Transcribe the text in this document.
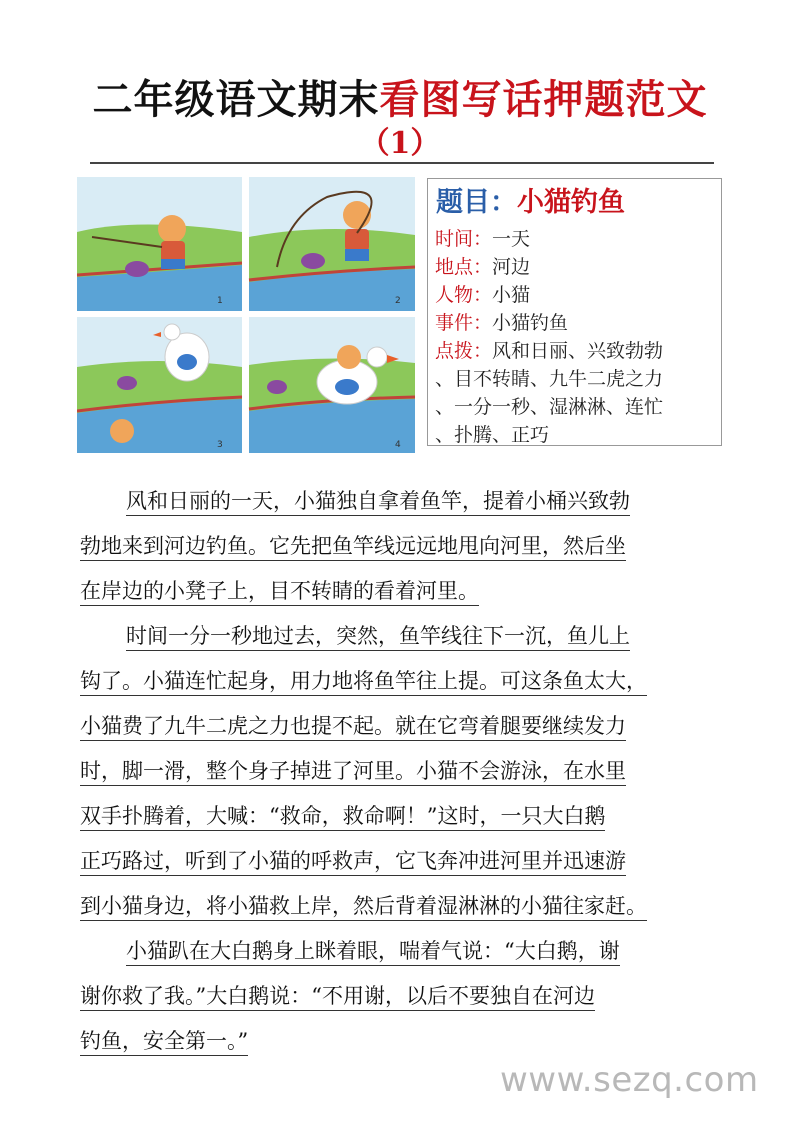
二年级语文期末看图写话押题范文
（1）
1	2
3	4
题目：小猫钓鱼
时间：一天
地点：河边
人物：小猫
事件：小猫钓鱼
点拨：风和日丽、兴致勃勃
、目不转睛、九牛二虎之力
、一分一秒、湿淋淋、连忙
、扑腾、正巧
风和日丽的一天，小猫独自拿着鱼竿，提着小桶兴致勃
勃地来到河边钓鱼。它先把鱼竿线远远地甩向河里，然后坐
在岸边的小凳子上，目不转睛的看着河里。
时间一分一秒地过去，突然，鱼竿线往下一沉，鱼儿上
钩了。小猫连忙起身，用力地将鱼竿往上提。可这条鱼太大，
小猫费了九牛二虎之力也提不起。就在它弯着腿要继续发力
时，脚一滑，整个身子掉进了河里。小猫不会游泳，在水里
双手扑腾着，大喊：“救命，救命啊！”这时，一只大白鹅
正巧路过，听到了小猫的呼救声，它飞奔冲进河里并迅速游
到小猫身边，将小猫救上岸，然后背着湿淋淋的小猫往家赶。
小猫趴在大白鹅身上眯着眼，喘着气说：“大白鹅，谢
谢你救了我。”大白鹅说：“不用谢，以后不要独自在河边
钓鱼，安全第一。”
www.sezq.com
